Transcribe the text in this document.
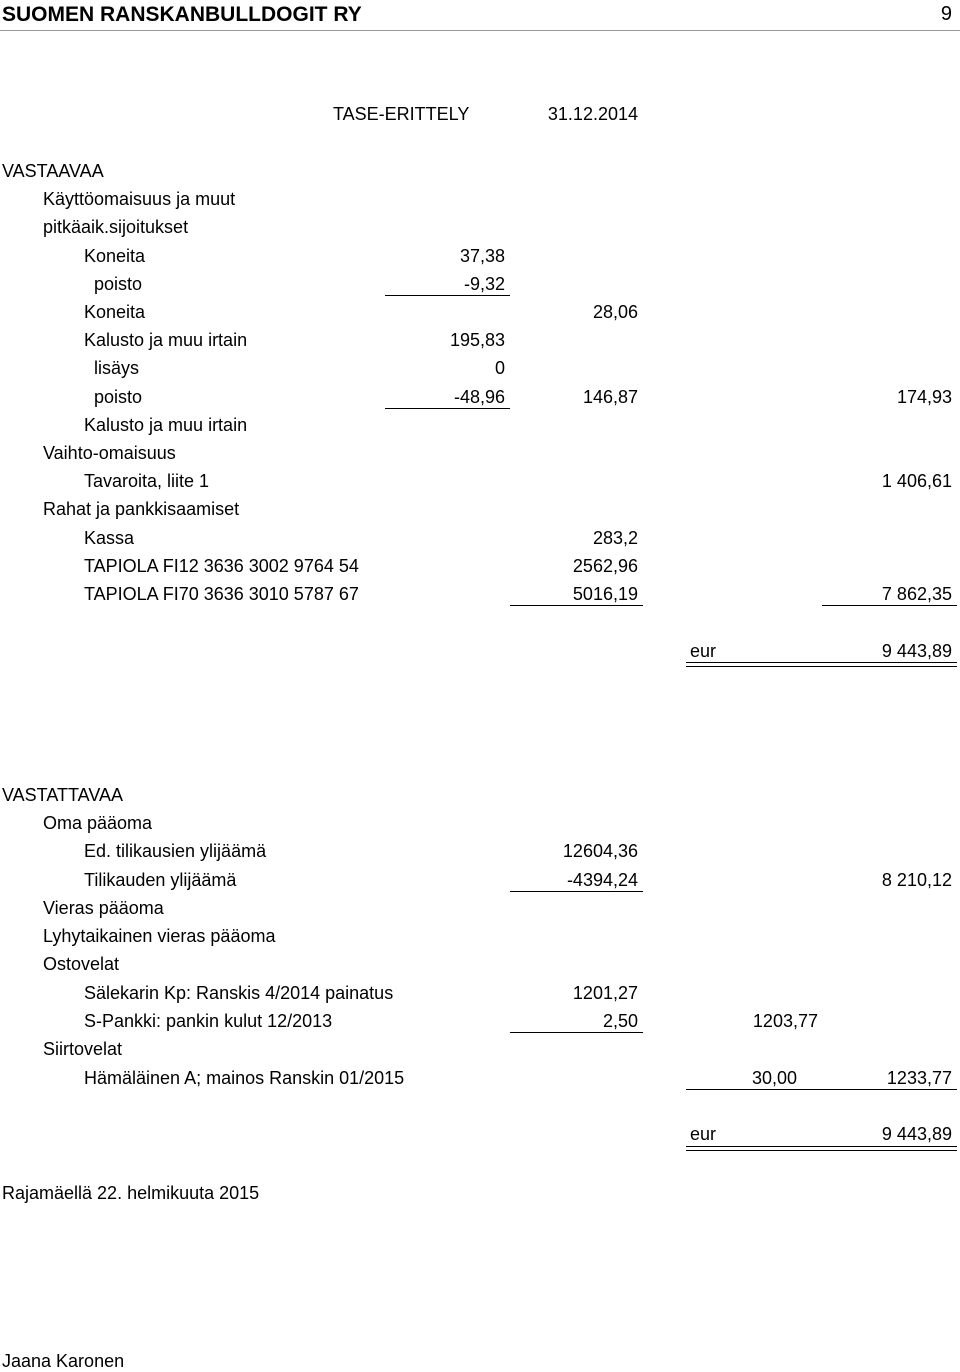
SUOMEN RANSKANBULLDOGIT RY	9
TASE-ERITTELY	31.12.2014
VASTAAVAA
Käyttöomaisuus ja muut
pitkäaik.sijoitukset
Koneita	37,38
poisto	-9,32
Koneita	28,06
Kalusto ja muu irtain	195,83
lisäys	0
poisto	-48,96	146,87	174,93
Kalusto ja muu irtain
Vaihto-omaisuus
Tavaroita, liite 1	1 406,61
Rahat ja pankkisaamiset
Kassa	283,2
TAPIOLA FI12 3636 3002 9764 54	2562,96
TAPIOLA FI70 3636 3010 5787 67	5016,19	7 862,35
eur	9 443,89
VASTATTAVAA
Oma pääoma
Ed. tilikausien ylijäämä	12604,36
Tilikauden ylijäämä	-4394,24	8 210,12
Vieras pääoma
Lyhytaikainen vieras pääoma
Ostovelat
Sälekarin Kp: Ranskis 4/2014 painatus	1201,27
S-Pankki: pankin kulut 12/2013	2,50	1203,77
Siirtovelat
Hämäläinen A; mainos Ranskin 01/2015	30,00	1233,77
eur	9 443,89
Rajamäellä 22. helmikuuta 2015
Jaana Karonen
